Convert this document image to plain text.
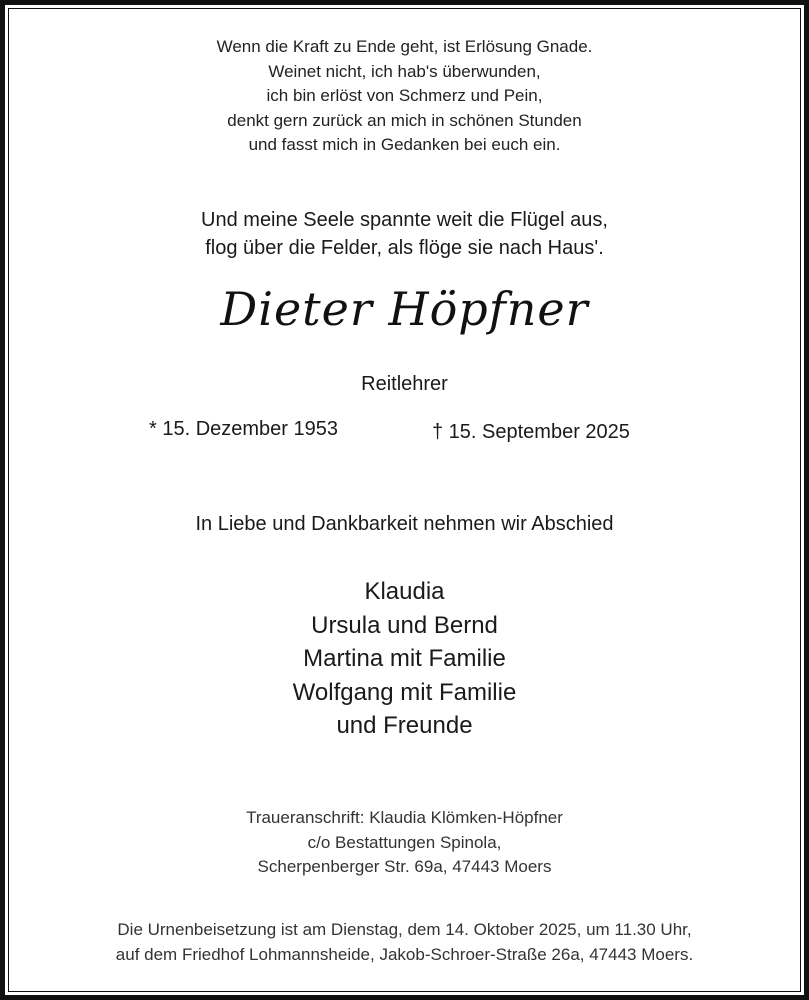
Wenn die Kraft zu Ende geht, ist Erlösung Gnade.
Weinet nicht, ich hab's überwunden,
ich bin erlöst von Schmerz und Pein,
denkt gern zurück an mich in schönen Stunden
und fasst mich in Gedanken bei euch ein.
Und meine Seele spannte weit die Flügel aus,
flog über die Felder, als flöge sie nach Haus'.
Dieter Höpfner
Reitlehrer
* 15. Dezember 1953	† 15. September 2025
In Liebe und Dankbarkeit nehmen wir Abschied
Klaudia
Ursula und Bernd
Martina mit Familie
Wolfgang mit Familie
und Freunde
Traueranschrift: Klaudia Klömken-Höpfner
c/o Bestattungen Spinola,
Scherpenberger Str. 69a, 47443 Moers
Die Urnenbeisetzung ist am Dienstag, dem 14. Oktober 2025, um 11.30 Uhr,
auf dem Friedhof Lohmannsheide, Jakob-Schroer-Straße 26a, 47443 Moers.
